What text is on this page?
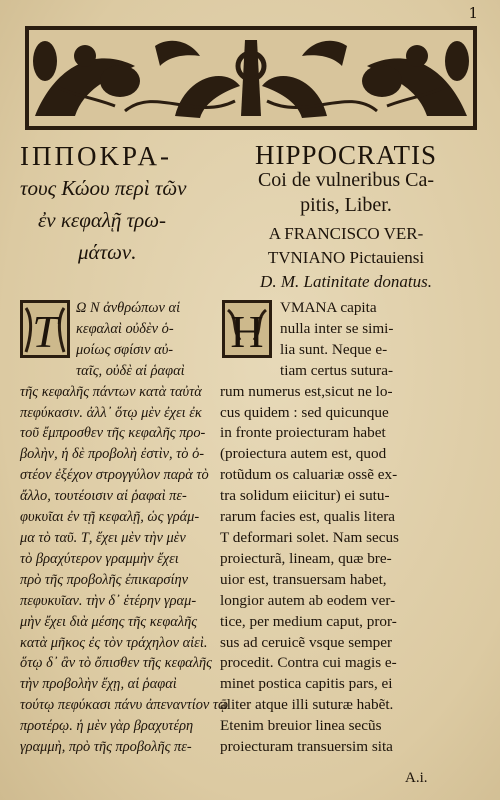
1
ΙΠΠΟΚΡΑ-
τους Κώου περὶ τῶν
ἐν κεφαλῇ τρω-
μάτων.
HIPPOCRATIS
Coi de vulneribus Ca-
pitis, Liber.
A FRANCISCO VER-
TVNIANO Pictauiensi
D. M. Latinitate donatus.
T	Ω Ν ἀνθρώπων αἱ
κεφαλαὶ οὐδὲν ὁ-
μοίως σφίσιν αὐ-
ταῖς, οὐδὲ αἱ ῥαφαὶ
τῆς κεφαλῆς πάντων κατὰ ταὐτὰ
πεφύκασιν. ἀλλ᾽ ὅτῳ μὲν ἐχει ἐκ
τοῦ ἔμπροσθεν τῆς κεφαλῆς προ-
βολὴν, ἡ δὲ προβολὴ ἐστὶν, τὸ ὀ-
στέον ἐξέχον στρογγύλον παρὰ τὸ
ἄλλο, τουτέοισιν αἱ ῥαφαὶ πε-
φυκυῖαι ἐν τῇ κεφαλῇ, ὡς γράμ-
μα τὸ ταῦ. Τ, ἔχει μὲν τὴν μὲν
τὸ βραχύτερον γραμμὴν ἔχει
πρὸ τῆς προβολῆς ἐπικαρσίην
πεφυκυῖαν. τὴν δ᾽ ἑτέρην γραμ-
μὴν ἔχει διὰ μέσης τῆς κεφαλῆς
κατὰ μῆκος ἐς τὸν τράχηλον αἰεὶ.
ὅτῳ δ᾽ ἂν τὸ ὄπισθεν τῆς κεφαλῆς
τὴν προβολὴν ἔχῃ, αἱ ῥαφαὶ
τούτῳ πεφύκασι πάνυ ἀπεναντίον τῷ
προτέρῳ. ἡ μὲν γὰρ βραχυτέρη
γραμμὴ, πρὸ τῆς προβολῆς πε-
H	VMANA capita
nulla inter se simi-
lia sunt. Neque e-
tiam certus sutura-
rum numerus est,sicut ne lo-
cus quidem : sed quicunque
in fronte proiecturam habet
(proiectura autem est, quod
rotũdum os caluariæ ossẽ ex-
tra solidum eiicitur) ei sutu-
rarum facies est, qualis litera
T deformari solet. Nam secus
proiecturã, lineam, quæ bre-
uior est, transuersam habet,
longior autem ab eodem ver-
tice, per medium caput, pror-
sus ad ceruicẽ vsque semper
procedit. Contra cui magis e-
minet postica capitis pars, ei
aliter atque illi suturæ habẽt.
Etenim breuior linea secũs
proiecturam transuersim sita
A.i.
